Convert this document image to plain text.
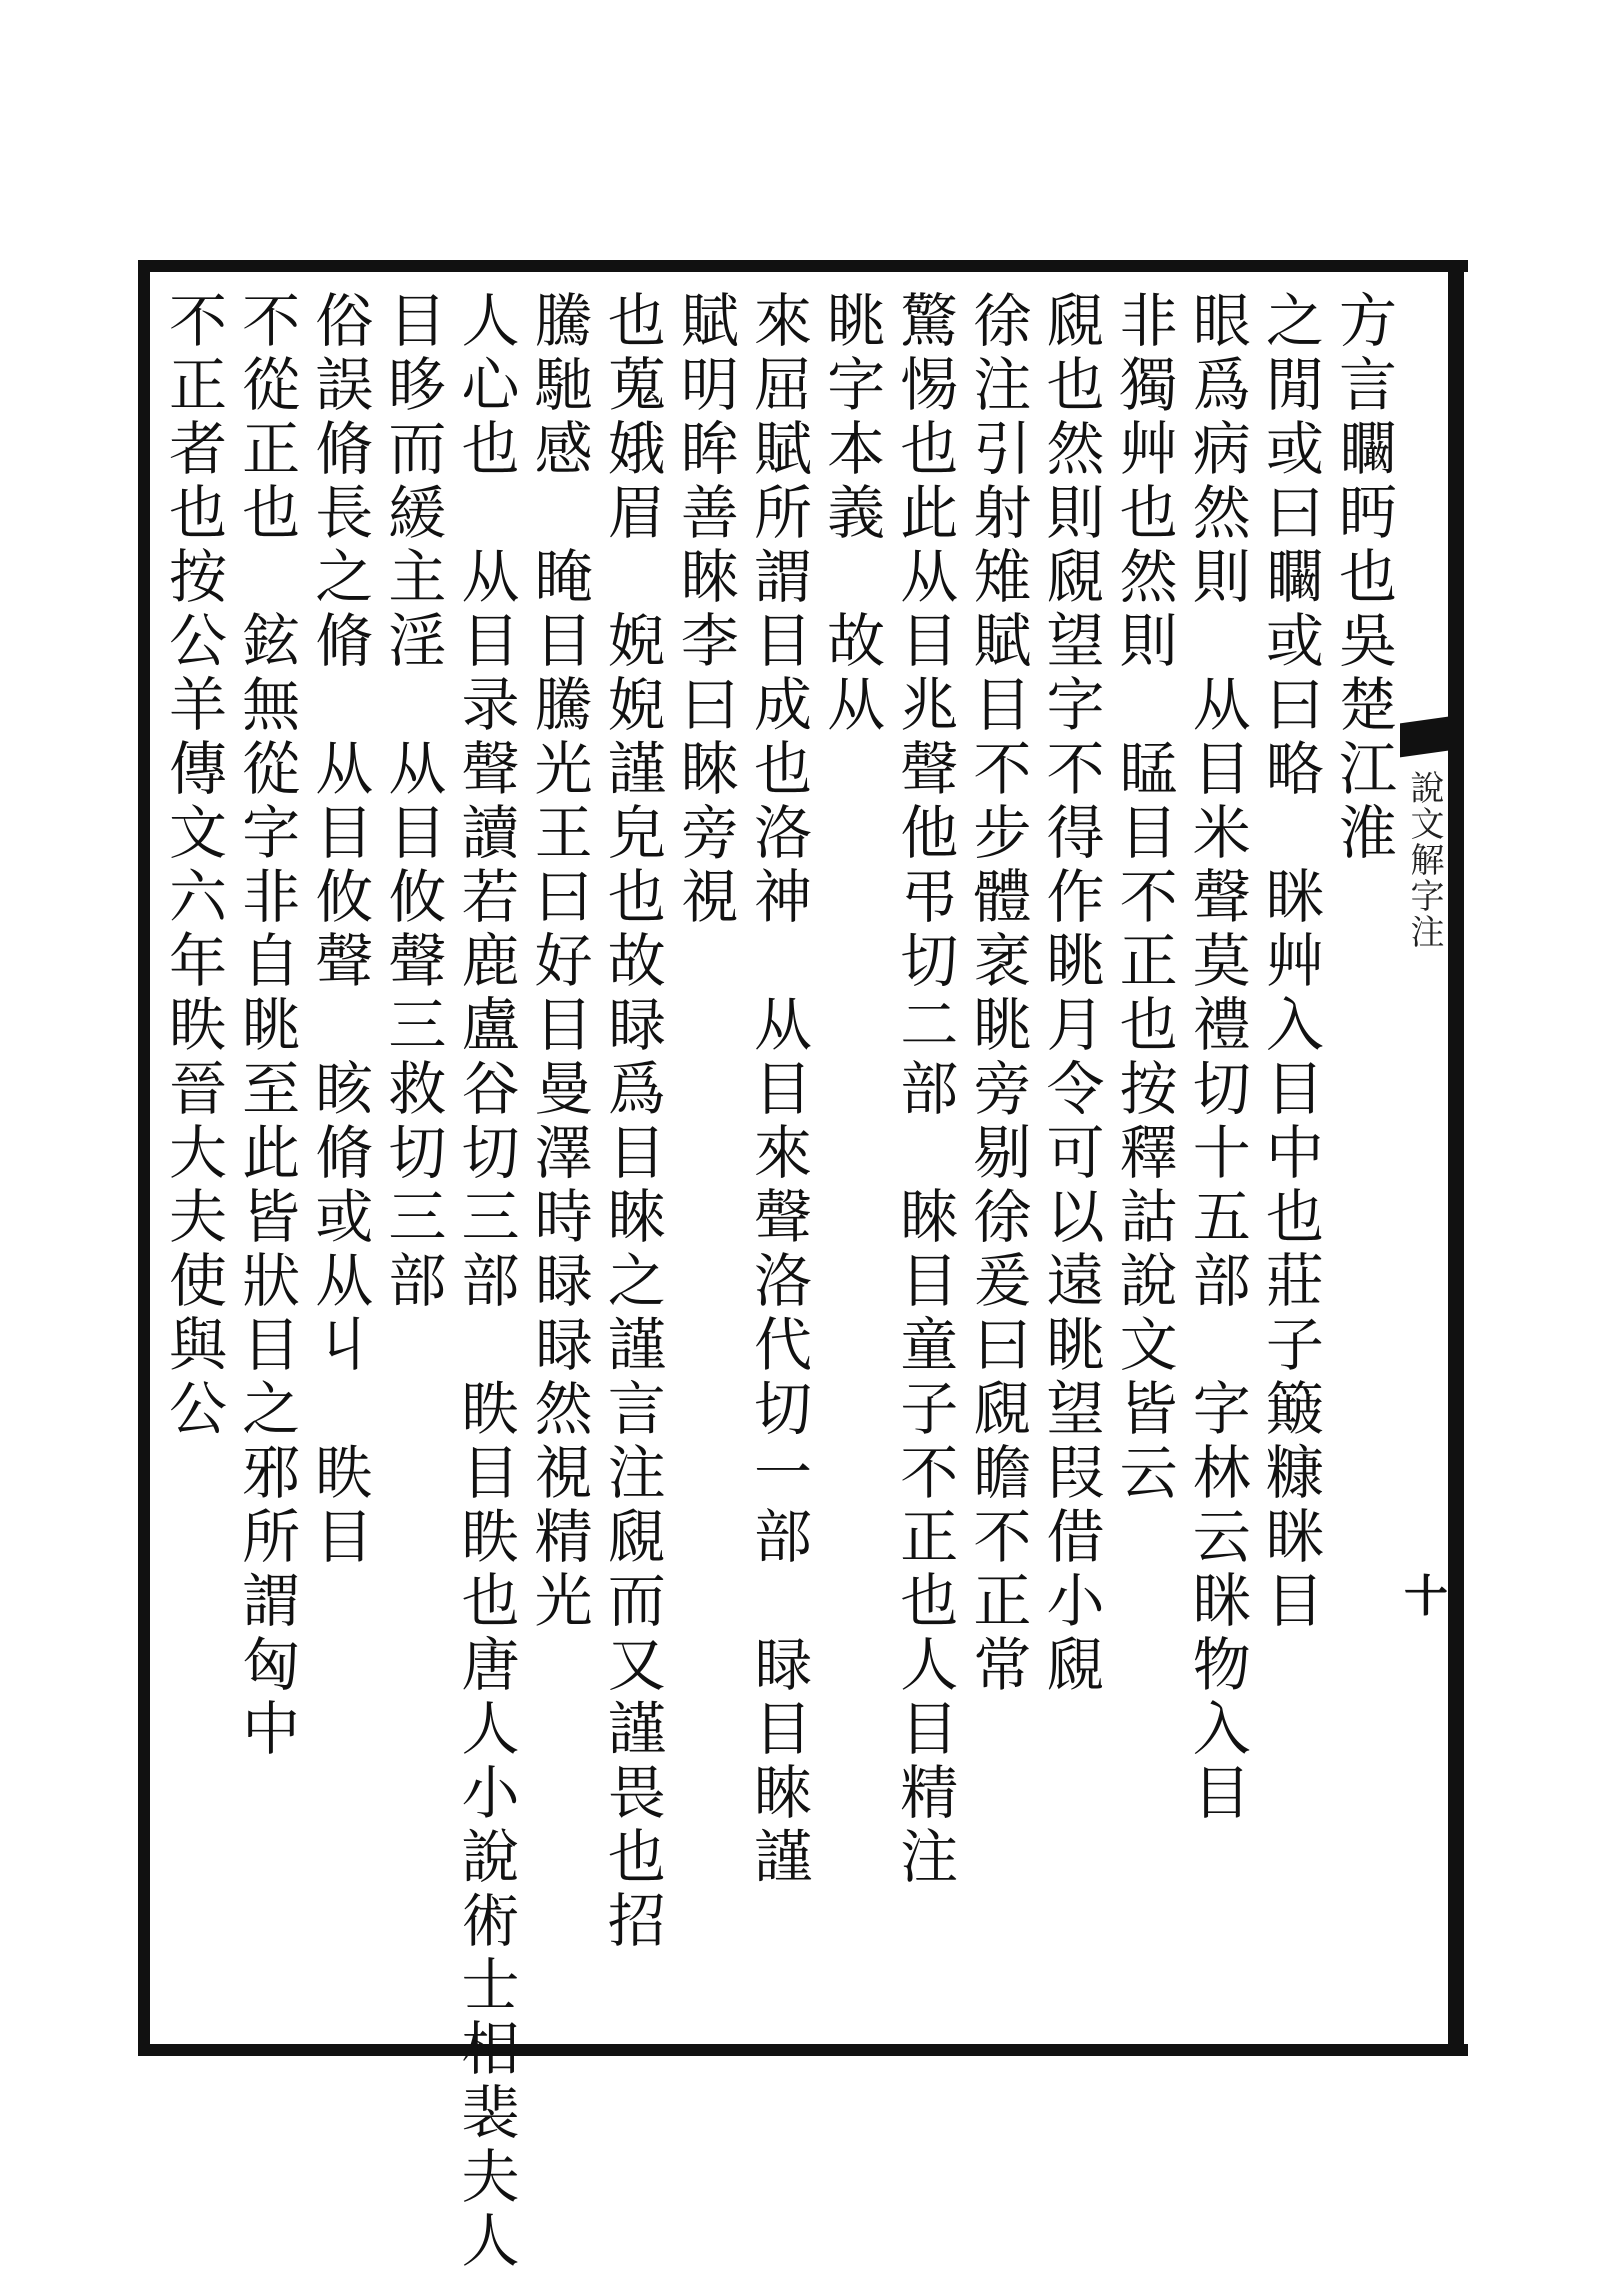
說文解字注
十
方言矙眄也吳楚江淮
之閒或曰矙或曰略　眯艸入目中也莊子簸糠眯目
眼爲病然則　从目米聲莫禮切十五部　字林云眯物入目
非獨艸也然則　䁅目不正也按釋詁說文皆云
覛也然則覛望字不得作眺月令可以遠眺望叚借小覛
徐注引射雉賦目不步體衺眺旁剔徐爰曰覛瞻不正常
驚惕也此从目兆聲他弔切二部　睞目童子不正也人目精注
眺字本義　故从
來屈賦所謂目成也洛神　从目來聲洛代切一部　睩目睞謹
賦明眸善睞李曰睞旁視
也蒐娥眉　婗婗謹皃也故睩爲目睞之謹言注覛而又謹畏也招
騰馳感　䁆目騰光王曰好目曼澤時睩睩然視精光
人心也　从目录聲讀若鹿盧谷切三部　眣目眣也唐人小說術士相裴夫人
目眵而緩主淫　从目攸聲三救切三部
俗誤脩長之脩　从目攸聲　䀭脩或从丩　眣目
不從正也　鉉無從字非自眺至此皆狀目之邪所謂匈中
不正者也按公羊傳文六年眣晉大夫使與公
